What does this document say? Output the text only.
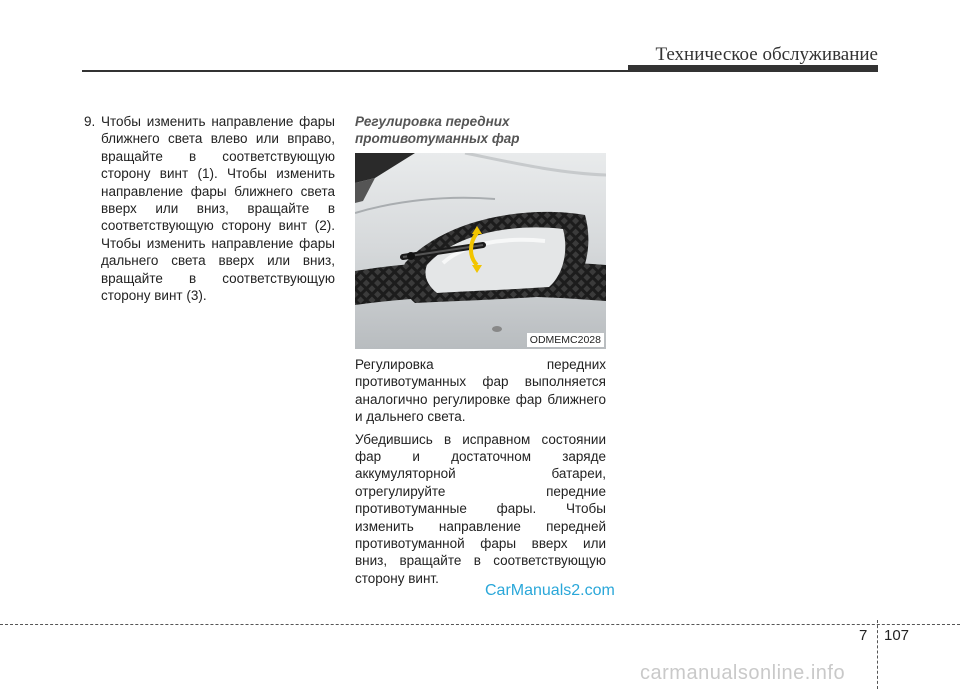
Техническое обслуживание
9. Чтобы изменить направление фары ближнего света влево или вправо, вращайте в соответствующую сторону винт (1). Чтобы изменить направление фары ближнего света вверх или вниз, вращайте в соответствующую сторону винт (2). Чтобы изменить направление фары дальнего света вверх или вниз, вращайте в соответствующую сторону винт (3).
Регулировка передних
противотуманных фар
ODMEMC2028

Регулировка передних противотуманных фар выполняется аналогично регулировке фар ближнего и дальнего света.

Убедившись в исправном состоянии фар и достаточном заряде аккумуляторной батареи, отрегулируйте передние противотуманные фары. Чтобы изменить направление передней противотуманной фары вверх или вниз, вращайте в соответствующую сторону винт.

CarManuals2.com
7 107
carmanualsonline.info
